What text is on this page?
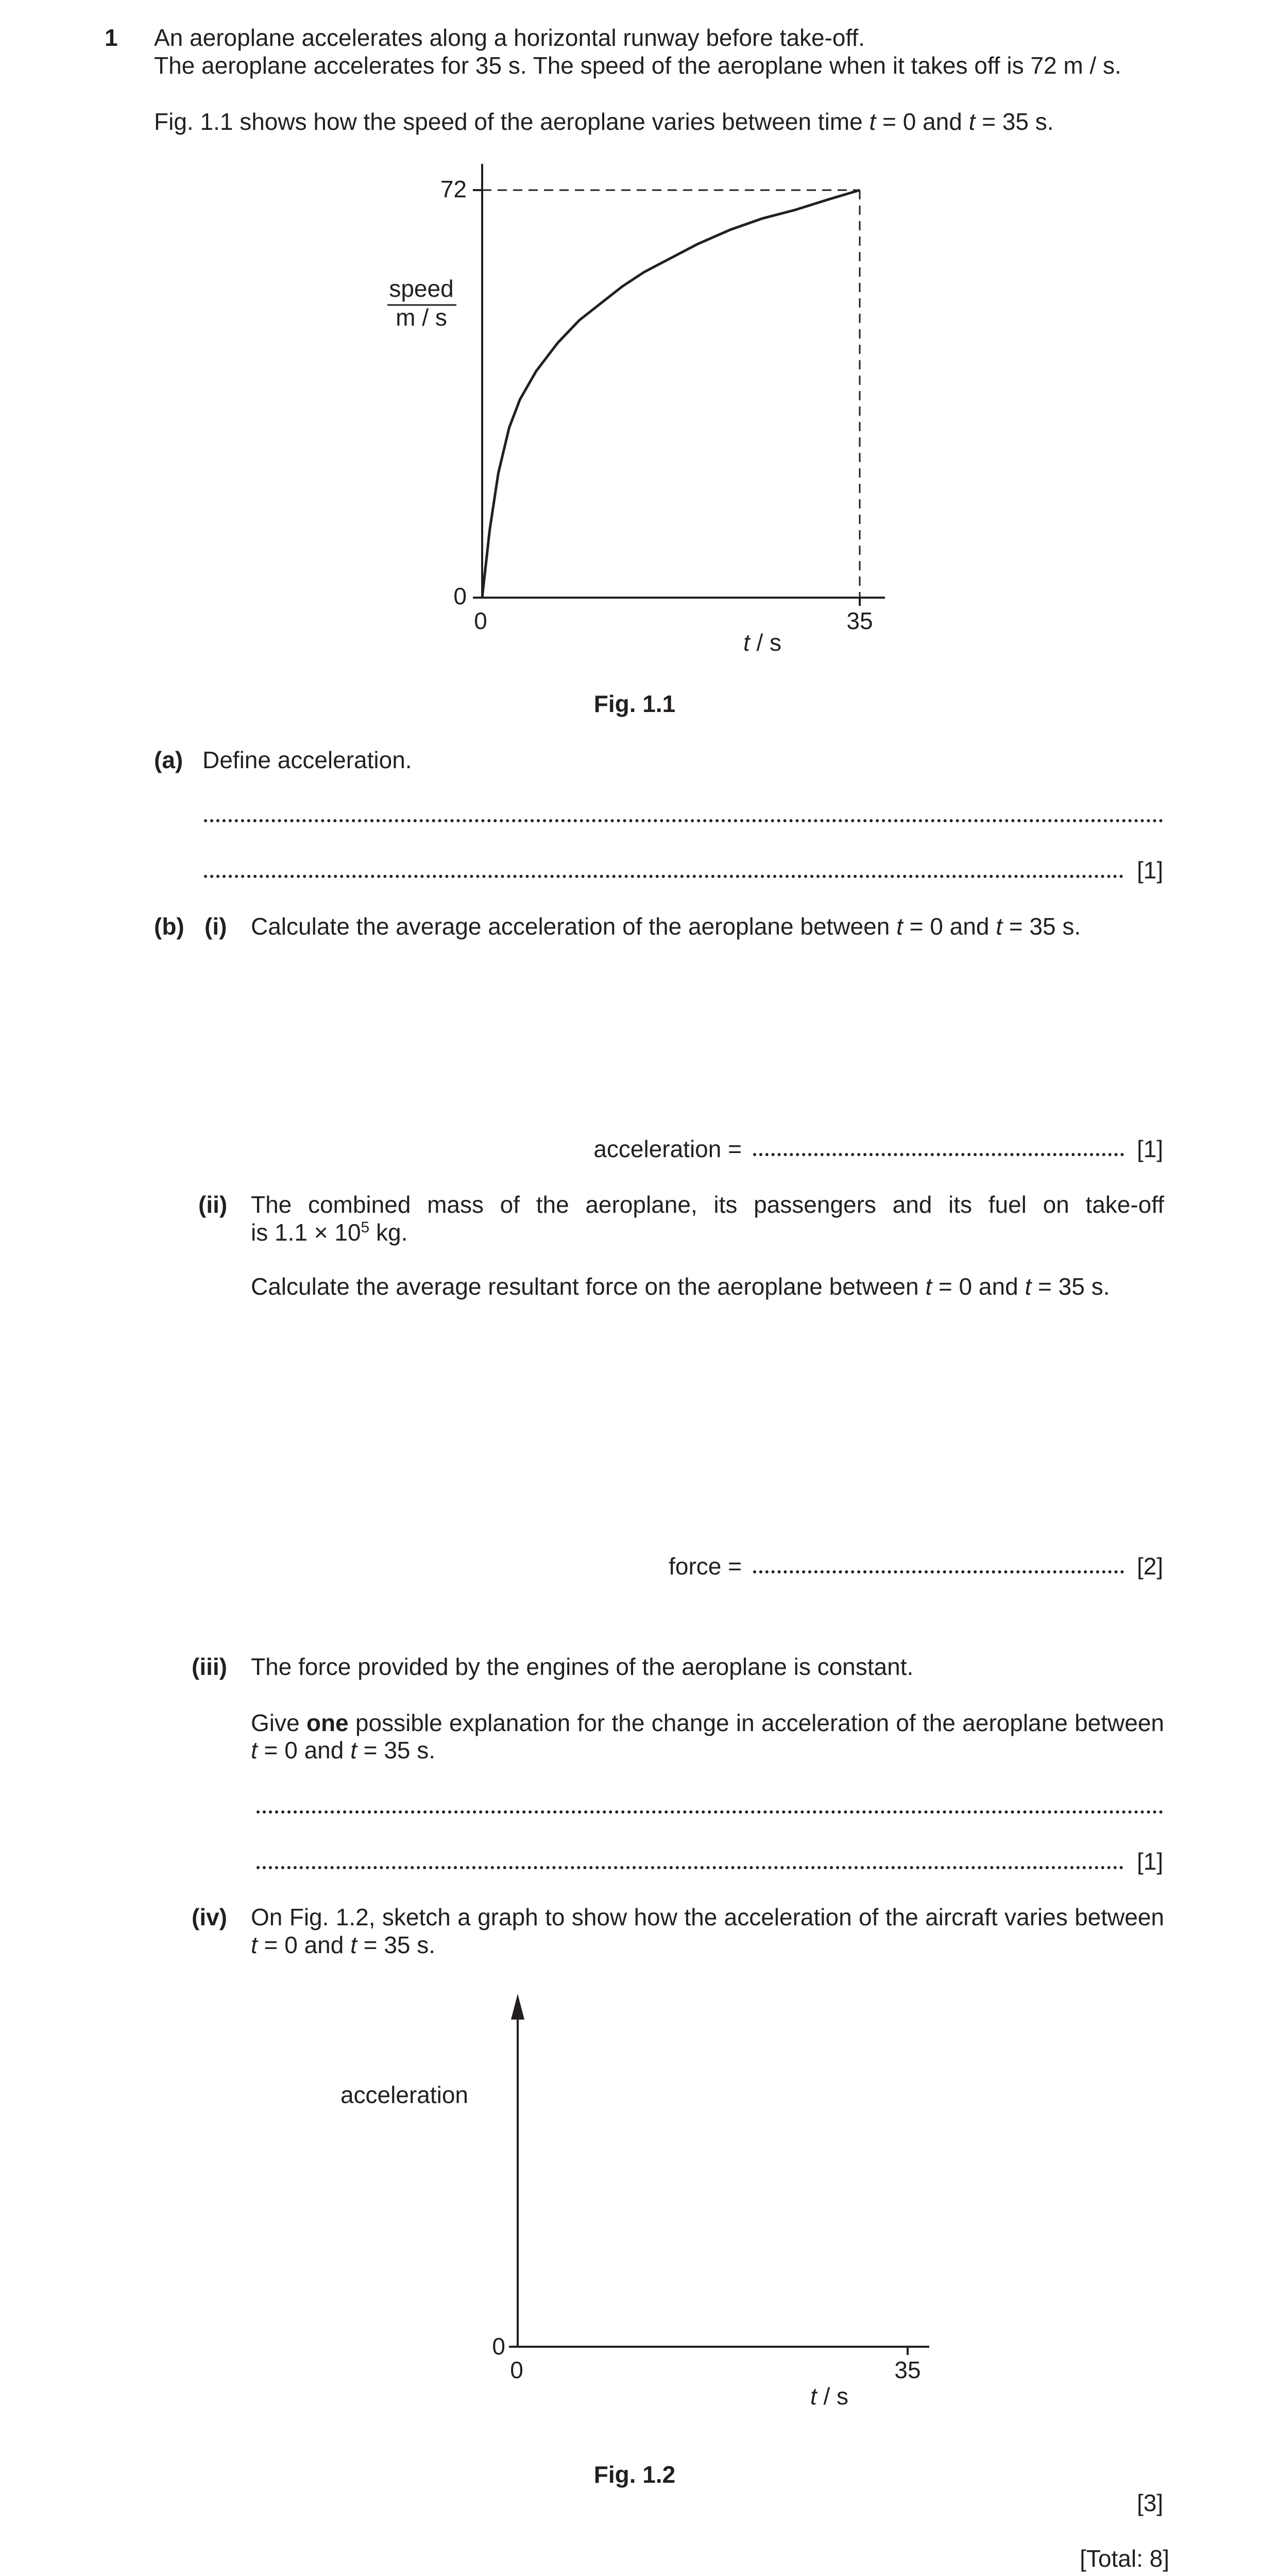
1 An aeroplane accelerates along a horizontal runway before take-off.
The aeroplane accelerates for 35 s. The speed of the aeroplane when it takes off is 72 m / s.
Fig. 1.1 shows how the speed of the aeroplane varies between time t = 0 and t = 35 s.
72
0
0	35
speed
m / s
t / s
Fig. 1.1
(a) Define acceleration.
[1]
(b) (i) Calculate the average acceleration of the aeroplane between t = 0 and t = 35 s.
acceleration =	[1]
(ii) The combined mass of the aeroplane, its passengers and its fuel on take-off
is $1.1 \times 10^5$ kg.
Calculate the average resultant force on the aeroplane between t = 0 and t = 35 s.
force =	[2]
(iii) The force provided by the engines of the aeroplane is constant.
Give one possible explanation for the change in acceleration of the aeroplane between
t = 0 and t = 35 s.
[1]
(iv) On Fig. 1.2, sketch a graph to show how the acceleration of the aircraft varies between
t = 0 and t = 35 s.
acceleration
0
0	35
t / s
Fig. 1.2
[3]
[Total: 8]
